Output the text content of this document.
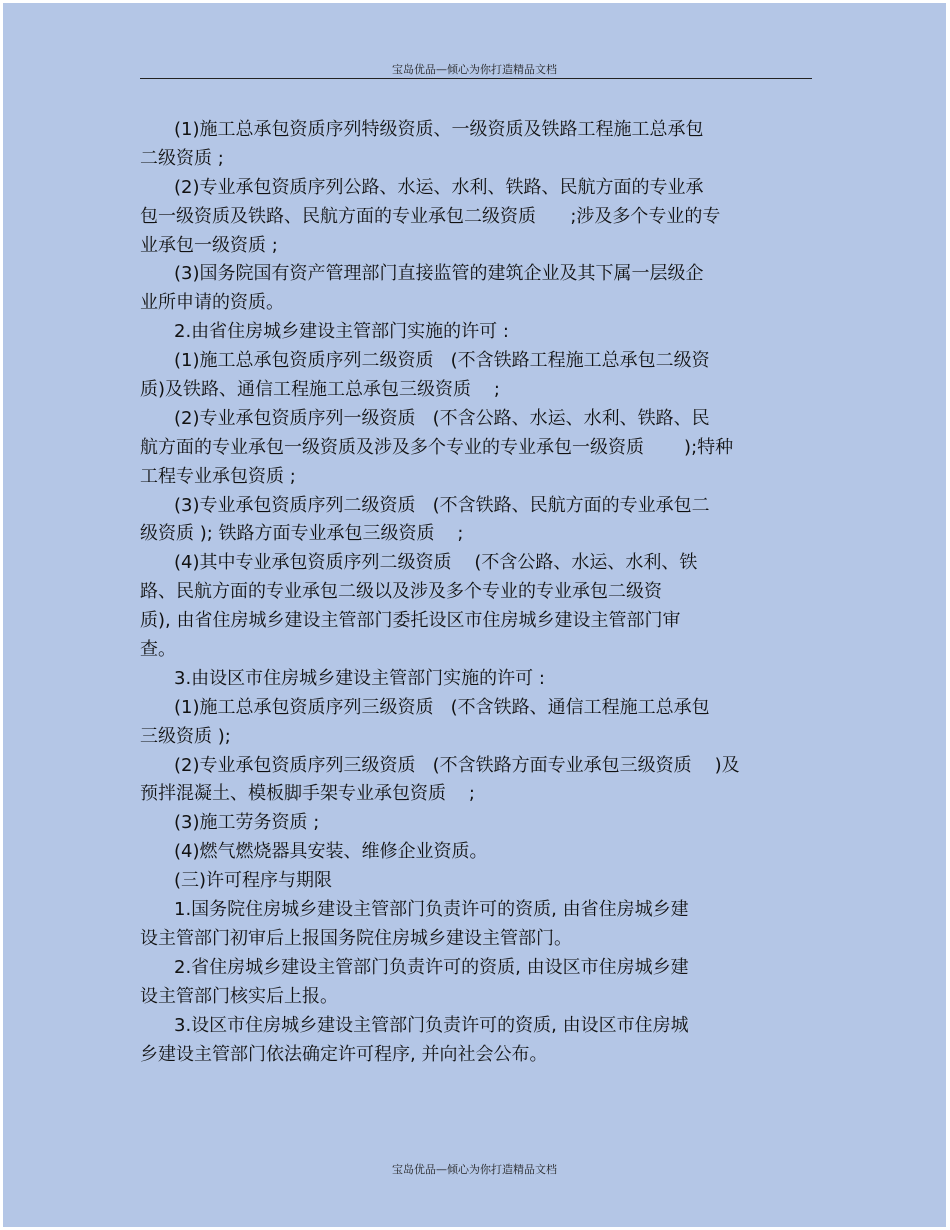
宝岛优品—倾心为你打造精品文档
(1)施工总承包资质序列特级资质、一级资质及铁路工程施工总承包
二级资质 ;
(2)专业承包资质序列公路、水运、水利、铁路、民航方面的专业承
包一级资质及铁路、民航方面的专业承包二级资质      ;涉及多个专业的专
业承包一级资质 ;
(3)国务院国有资产管理部门直接监管的建筑企业及其下属一层级企
业所申请的资质。
2.由省住房城乡建设主管部门实施的许可 :
(1)施工总承包资质序列二级资质   (不含铁路工程施工总承包二级资
质)及铁路、通信工程施工总承包三级资质    ;
(2)专业承包资质序列一级资质   (不含公路、水运、水利、铁路、民
航方面的专业承包一级资质及涉及多个专业的专业承包一级资质       );特种
工程专业承包资质 ;
(3)专业承包资质序列二级资质   (不含铁路、民航方面的专业承包二
级资质 ); 铁路方面专业承包三级资质    ;
(4)其中专业承包资质序列二级资质    (不含公路、水运、水利、铁
路、民航方面的专业承包二级以及涉及多个专业的专业承包二级资
质), 由省住房城乡建设主管部门委托设区市住房城乡建设主管部门审
查。
3.由设区市住房城乡建设主管部门实施的许可 :
(1)施工总承包资质序列三级资质   (不含铁路、通信工程施工总承包
三级资质 );
(2)专业承包资质序列三级资质   (不含铁路方面专业承包三级资质    )及
预拌混凝土、模板脚手架专业承包资质    ;
(3)施工劳务资质 ;
(4)燃气燃烧器具安装、维修企业资质。
(三)许可程序与期限
1.国务院住房城乡建设主管部门负责许可的资质, 由省住房城乡建
设主管部门初审后上报国务院住房城乡建设主管部门。
2.省住房城乡建设主管部门负责许可的资质, 由设区市住房城乡建
设主管部门核实后上报。
3.设区市住房城乡建设主管部门负责许可的资质, 由设区市住房城
乡建设主管部门依法确定许可程序, 并向社会公布。
宝岛优品—倾心为你打造精品文档
